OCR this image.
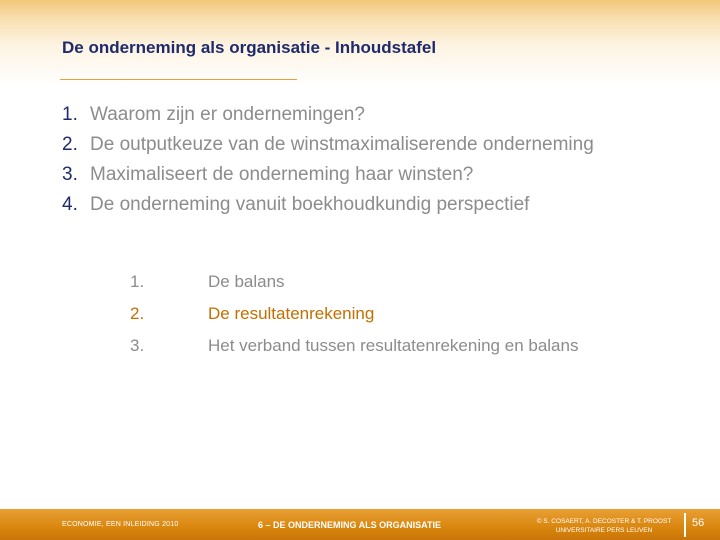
De onderneming als organisatie - Inhoudstafel
1. Waarom zijn er ondernemingen?
2. De outputkeuze van de winstmaximaliserende onderneming
3. Maximaliseert de onderneming haar winsten?
4. De onderneming vanuit boekhoudkundig perspectief
1.	De balans
2.	De resultatenrekening
3.	Het verband tussen resultatenrekening en balans
ECONOMIE, EEN INLEIDING 2010	6 – DE ONDERNEMING ALS ORGANISATIE	© S. COSAERT, A. DECOSTER & T. PROOST
UNIVERSITAIRE PERS LEUVEN
56
